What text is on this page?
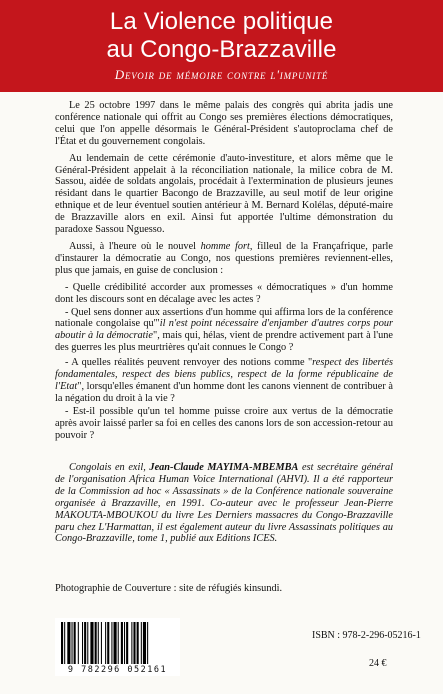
La Violence politique
au Congo-Brazzaville
Devoir de mémoire contre l'impunité

Le 25 octobre 1997 dans le même palais des congrès qui abrita jadis une conférence nationale qui offrit au Congo ses premières élections démocratiques, celui que l'on appelle désormais le Général-Président s'autoproclama chef de l'État et du gouvernement congolais.

Au lendemain de cette cérémonie d'auto-investiture, et alors même que le Général-Président appelait à la réconciliation nationale, la milice cobra de M. Sassou, aidée de soldats angolais, procédait à l'extermination de plusieurs jeunes résidant dans le quartier Bacongo de Brazzaville, au seul motif de leur origine ethnique et de leur éventuel soutien antérieur à M. Bernard Kolélas, député-maire de Brazzaville alors en exil. Ainsi fut apportée l'ultime démonstration du paradoxe Sassou Nguesso.

Aussi, à l'heure où le nouvel homme fort, filleul de la Françafrique, parle d'instaurer la démocratie au Congo, nos questions premières reviennent-elles, plus que jamais, en guise de conclusion :

- Quelle crédibilité accorder aux promesses « démocratiques » d'un homme dont les discours sont en décalage avec les actes ?

- Quel sens donner aux assertions d'un homme qui affirma lors de la conférence nationale congolaise qu'"il n'est point nécessaire d'enjamber d'autres corps pour aboutir à la démocratie", mais qui, hélas, vient de prendre activement part à l'une des guerres les plus meurtrières qu'ait connues le Congo ?

- A quelles réalités peuvent renvoyer des notions comme "respect des libertés fondamentales, respect des biens publics, respect de la forme républicaine de l'Etat", lorsqu'elles émanent d'un homme dont les canons viennent de contribuer à la négation du droit à la vie ?

- Est-il possible qu'un tel homme puisse croire aux vertus de la démocratie après avoir laissé parler sa foi en celles des canons lors de son accession-retour au pouvoir ?

Congolais en exil, Jean-Claude MAYIMA-MBEMBA est secrétaire général de l'organisation Africa Human Voice International (AHVI). Il a été rapporteur de la Commission ad hoc « Assassinats » de la Conférence nationale souveraine organisée à Brazzaville, en 1991. Co-auteur avec le professeur Jean-Pierre MAKOUTA-MBOUKOU du livre Les Derniers massacres du Congo-Brazzaville paru chez L'Harmattan, il est également auteur du livre Assassinats politiques au Congo-Brazzaville, tome 1, publié aux Editions ICES.

Photographie de Couverture : site de réfugiés kinsundi.
9 782296 052161
ISBN : 978-2-296-05216-1
24 €
